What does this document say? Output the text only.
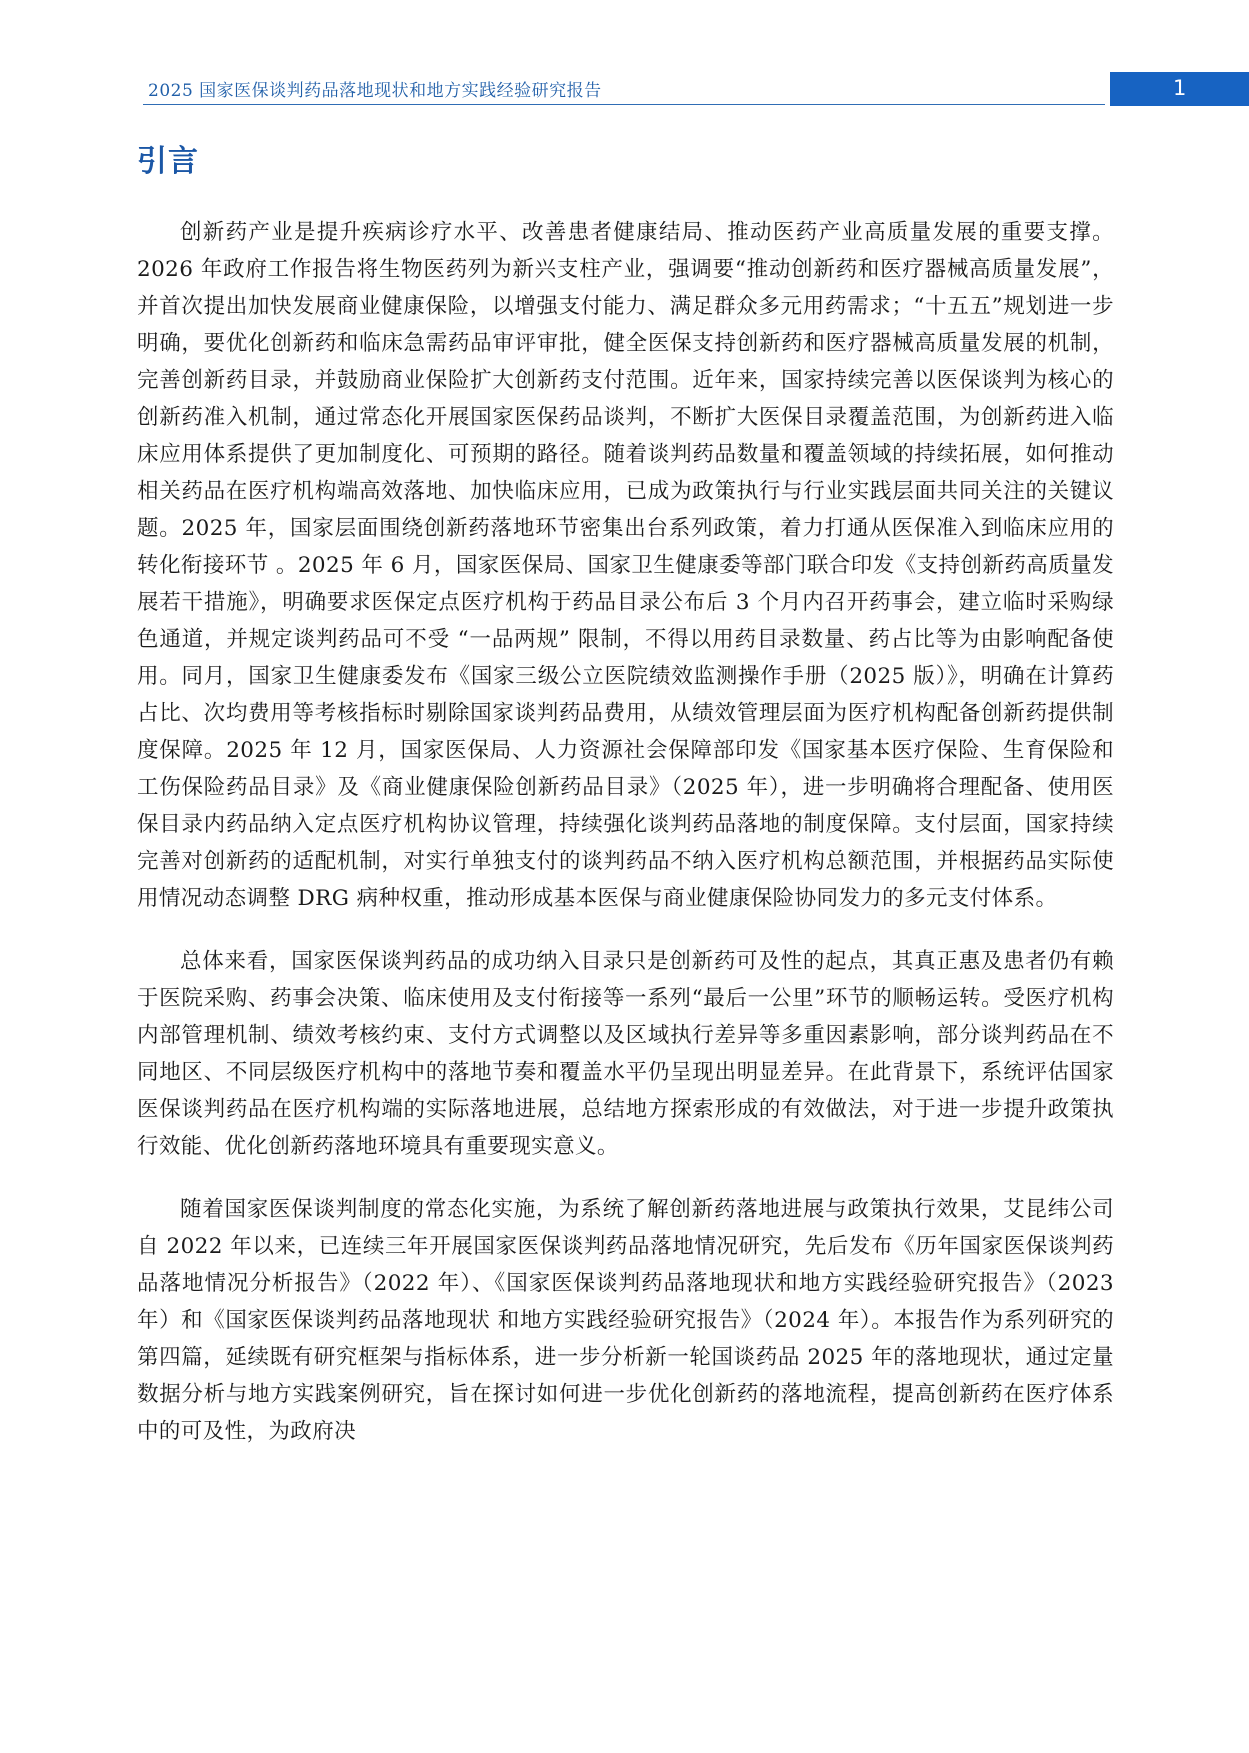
2025 国家医保谈判药品落地现状和地方实践经验研究报告	1
引言

创新药产业是提升疾病诊疗水平、改善患者健康结局、推动医药产业高质量发展的重要支撑。2026 年政府工作报告将生物医药列为新兴支柱产业，强调要“推动创新药和医疗器械高质量发展”，并首次提出加快发展商业健康保险，以增强支付能力、满足群众多元用药需求；“十五五”规划进一步明确，要优化创新药和临床急需药品审评审批，健全医保支持创新药和医疗器械高质量发展的机制，完善创新药目录，并鼓励商业保险扩大创新药支付范围。近年来，国家持续完善以医保谈判为核心的创新药准入机制，通过常态化开展国家医保药品谈判，不断扩大医保目录覆盖范围，为创新药进入临床应用体系提供了更加制度化、可预期的路径。随着谈判药品数量和覆盖领域的持续拓展，如何推动相关药品在医疗机构端高效落地、加快临床应用，已成为政策执行与行业实践层面共同关注的关键议题。2025 年，国家层面围绕创新药落地环节密集出台系列政策，着力打通从医保准入到临床应用的转化衔接环节 。2025 年 6 月，国家医保局、国家卫生健康委等部门联合印发《支持创新药高质量发展若干措施》，明确要求医保定点医疗机构于药品目录公布后 3 个月内召开药事会，建立临时采购绿色通道，并规定谈判药品可不受 “一品两规” 限制，不得以用药目录数量、药占比等为由影响配备使用。同月，国家卫生健康委发布《国家三级公立医院绩效监测操作手册（2025 版）》，明确在计算药占比、次均费用等考核指标时剔除国家谈判药品费用，从绩效管理层面为医疗机构配备创新药提供制度保障。2025 年 12 月，国家医保局、人力资源社会保障部印发《国家基本医疗保险、生育保险和工伤保险药品目录》及《商业健康保险创新药品目录》（2025 年），进一步明确将合理配备、使用医保目录内药品纳入定点医疗机构协议管理，持续强化谈判药品落地的制度保障。支付层面，国家持续完善对创新药的适配机制，对实行单独支付的谈判药品不纳入医疗机构总额范围，并根据药品实际使用情况动态调整 DRG 病种权重，推动形成基本医保与商业健康保险协同发力的多元支付体系。

总体来看，国家医保谈判药品的成功纳入目录只是创新药可及性的起点，其真正惠及患者仍有赖于医院采购、药事会决策、临床使用及支付衔接等一系列“最后一公里”环节的顺畅运转。受医疗机构内部管理机制、绩效考核约束、支付方式调整以及区域执行差异等多重因素影响，部分谈判药品在不同地区、不同层级医疗机构中的落地节奏和覆盖水平仍呈现出明显差异。在此背景下，系统评估国家医保谈判药品在医疗机构端的实际落地进展，总结地方探索形成的有效做法，对于进一步提升政策执行效能、优化创新药落地环境具有重要现实意义。

随着国家医保谈判制度的常态化实施，为系统了解创新药落地进展与政策执行效果，艾昆纬公司自 2022 年以来，已连续三年开展国家医保谈判药品落地情况研究，先后发布《历年国家医保谈判药品落地情况分析报告》（2022 年）、《国家医保谈判药品落地现状和地方实践经验研究报告》（2023 年）和《国家医保谈判药品落地现状 和地方实践经验研究报告》（2024 年）。本报告作为系列研究的第四篇，延续既有研究框架与指标体系，进一步分析新一轮国谈药品 2025 年的落地现状，通过定量数据分析与地方实践案例研究，旨在探讨如何进一步优化创新药的落地流程，提高创新药在医疗体系中的可及性，为政府决
